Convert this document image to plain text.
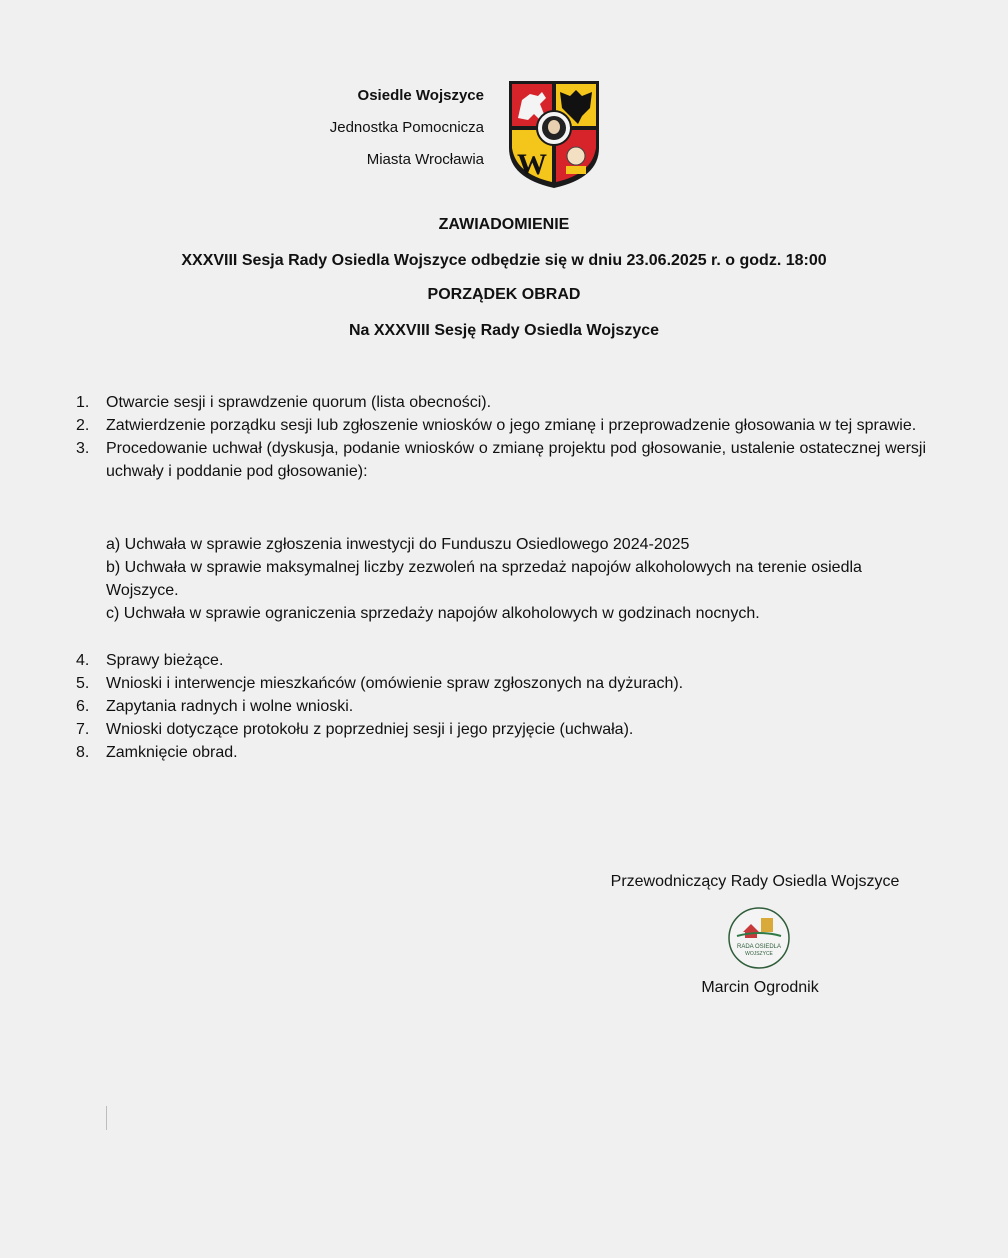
Osiedle Wojszyce
Jednostka Pomocnicza
Miasta Wrocławia W
ZAWIADOMIENIE
XXXVIII Sesja Rady Osiedla Wojszyce odbędzie się w dniu 23.06.2025 r. o godz. 18:00
PORZĄDEK OBRAD
Na XXXVIII Sesję Rady Osiedla Wojszyce
1.	Otwarcie sesji i sprawdzenie quorum (lista obecności).
2.	Zatwierdzenie porządku sesji lub zgłoszenie wniosków o jego zmianę i przeprowadzenie głosowania w tej sprawie.
3.	Procedowanie uchwał (dyskusja, podanie wniosków o zmianę projektu pod głosowanie, ustalenie ostatecznej wersji uchwały i poddanie pod głosowanie):
a) Uchwała w sprawie zgłoszenia inwestycji do Funduszu Osiedlowego 2024-2025
b) Uchwała w sprawie maksymalnej liczby zezwoleń na sprzedaż napojów alkoholowych na terenie osiedla Wojszyce.
c) Uchwała w sprawie ograniczenia sprzedaży napojów alkoholowych w godzinach nocnych.
4.	Sprawy bieżące.
5.	Wnioski i interwencje mieszkańców (omówienie spraw zgłoszonych na dyżurach).
6.	Zapytania radnych i wolne wnioski.
7.	Wnioski dotyczące protokołu z poprzedniej sesji i jego przyjęcie (uchwała).
8.	Zamknięcie obrad.
Przewodniczący Rady Osiedla Wojszyce
RADA OSIEDLA
WOJSZYCE
Marcin Ogrodnik
